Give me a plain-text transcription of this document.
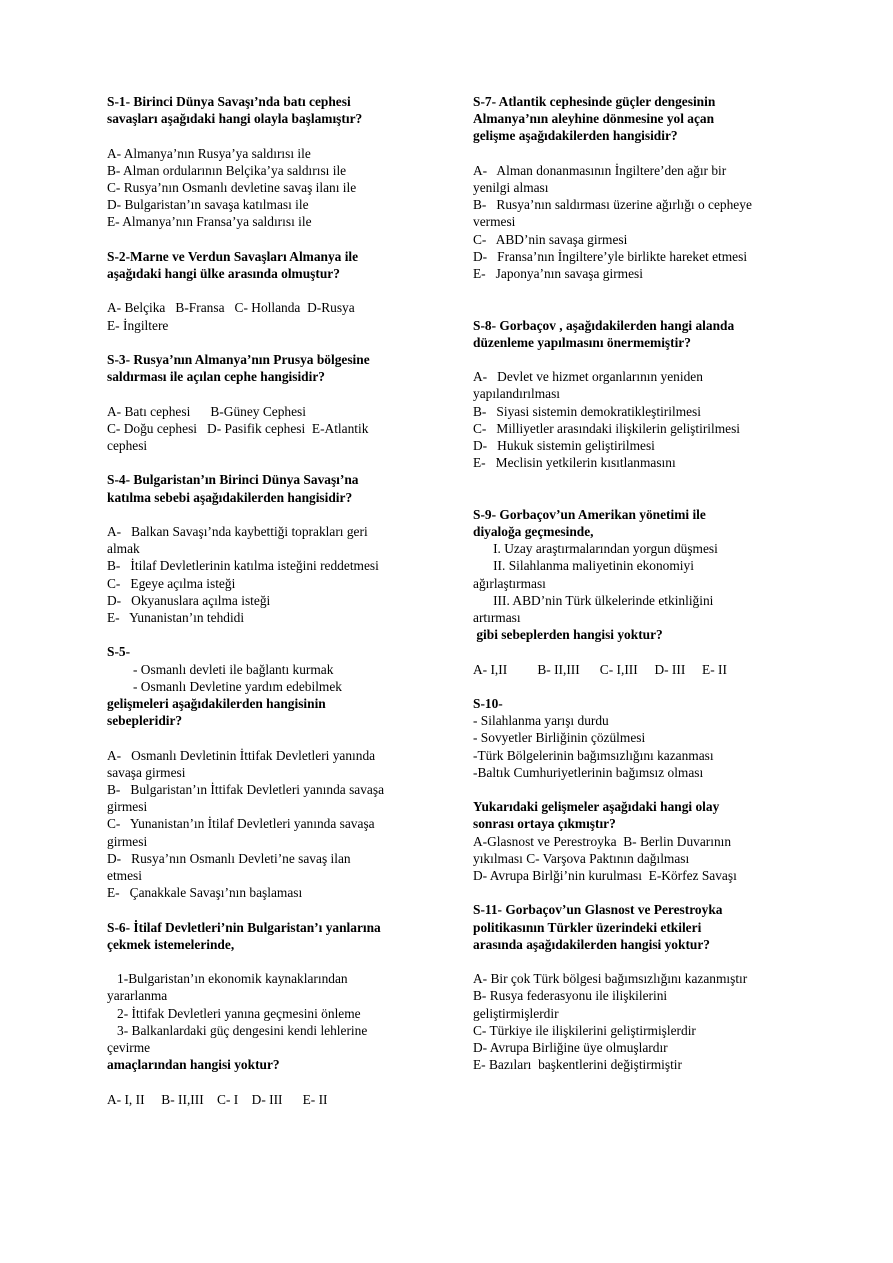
S-1- Birinci Dünya Savaşı’nda batı cephesi
savaşları aşağıdaki hangi olayla başlamıştır?
A- Almanya’nın Rusya’ya saldırısı ile
B- Alman ordularının Belçika’ya saldırısı ile
C- Rusya’nın Osmanlı devletine savaş ilanı ile
D- Bulgaristan’ın savaşa katılması ile
E- Almanya’nın Fransa’ya saldırısı ile
S-2-Marne ve Verdun Savaşları Almanya ile
aşağıdaki hangi ülke arasında olmuştur?
A- Belçika   B-Fransa   C- Hollanda  D-Rusya
E- İngiltere
S-3- Rusya’nın Almanya’nın Prusya bölgesine
saldırması ile açılan cephe hangisidir?
A- Batı cephesi      B-Güney Cephesi
C- Doğu cephesi   D- Pasifik cephesi  E-Atlantik
cephesi
S-4- Bulgaristan’ın Birinci Dünya Savaşı’na
katılma sebebi aşağıdakilerden hangisidir?
A-   Balkan Savaşı’nda kaybettiği toprakları geri
almak
B-   İtilaf Devletlerinin katılma isteğini reddetmesi
C-   Egeye açılma isteği
D-   Okyanuslara açılma isteği
E-   Yunanistan’ın tehdidi
S-5-
- Osmanlı devleti ile bağlantı kurmak
- Osmanlı Devletine yardım edebilmek
gelişmeleri aşağıdakilerden hangisinin
sebepleridir?
A-   Osmanlı Devletinin İttifak Devletleri yanında
savaşa girmesi
B-   Bulgaristan’ın İttifak Devletleri yanında savaşa
girmesi
C-   Yunanistan’ın İtilaf Devletleri yanında savaşa
girmesi
D-   Rusya’nın Osmanlı Devleti’ne savaş ilan
etmesi
E-   Çanakkale Savaşı’nın başlaması
S-6- İtilaf Devletleri’nin Bulgaristan’ı yanlarına
çekmek istemelerinde,
1-Bulgaristan’ın ekonomik kaynaklarından
yararlanma
2- İttifak Devletleri yanına geçmesini önleme
3- Balkanlardaki güç dengesini kendi lehlerine
çevirme
amaçlarından hangisi yoktur?
A- I, II     B- II,III    C- I    D- III      E- II
S-7- Atlantik cephesinde güçler dengesinin
Almanya’nın aleyhine dönmesine yol açan
gelişme aşağıdakilerden hangisidir?
A-   Alman donanmasının İngiltere’den ağır bir
yenilgi alması
B-   Rusya’nın saldırması üzerine ağırlığı o cepheye
vermesi
C-   ABD’nin savaşa girmesi
D-   Fransa’nın İngiltere’yle birlikte hareket etmesi
E-   Japonya’nın savaşa girmesi
S-8- Gorbaçov , aşağıdakilerden hangi alanda
düzenleme yapılmasını önermemiştir?
A-   Devlet ve hizmet organlarının yeniden
yapılandırılması
B-   Siyasi sistemin demokratikleştirilmesi
C-   Milliyetler arasındaki ilişkilerin geliştirilmesi
D-   Hukuk sistemin geliştirilmesi
E-   Meclisin yetkilerin kısıtlanmasını
S-9- Gorbaçov’un Amerikan yönetimi ile
diyaloğa geçmesinde,
I. Uzay araştırmalarından yorgun düşmesi
II. Silahlanma maliyetinin ekonomiyi
ağırlaştırması
III. ABD’nin Türk ülkelerinde etkinliğini
artırması
gibi sebeplerden hangisi yoktur?
A- I,II         B- II,III      C- I,III     D- III     E- II
S-10-
- Silahlanma yarışı durdu
- Sovyetler Birliğinin çözülmesi
-Türk Bölgelerinin bağımsızlığını kazanması
-Baltık Cumhuriyetlerinin bağımsız olması
Yukarıdaki gelişmeler aşağıdaki hangi olay
sonrası ortaya çıkmıştır?
A-Glasnost ve Perestroyka  B- Berlin Duvarının
yıkılması C- Varşova Paktının dağılması
D- Avrupa Birlği’nin kurulması  E-Körfez Savaşı
S-11- Gorbaçov’un Glasnost ve Perestroyka
politikasının Türkler üzerindeki etkileri
arasında aşağıdakilerden hangisi yoktur?
A- Bir çok Türk bölgesi bağımsızlığını kazanmıştır
B- Rusya federasyonu ile ilişkilerini
geliştirmişlerdir
C- Türkiye ile ilişkilerini geliştirmişlerdir
D- Avrupa Birliğine üye olmuşlardır
E- Bazıları  başkentlerini değiştirmiştir
